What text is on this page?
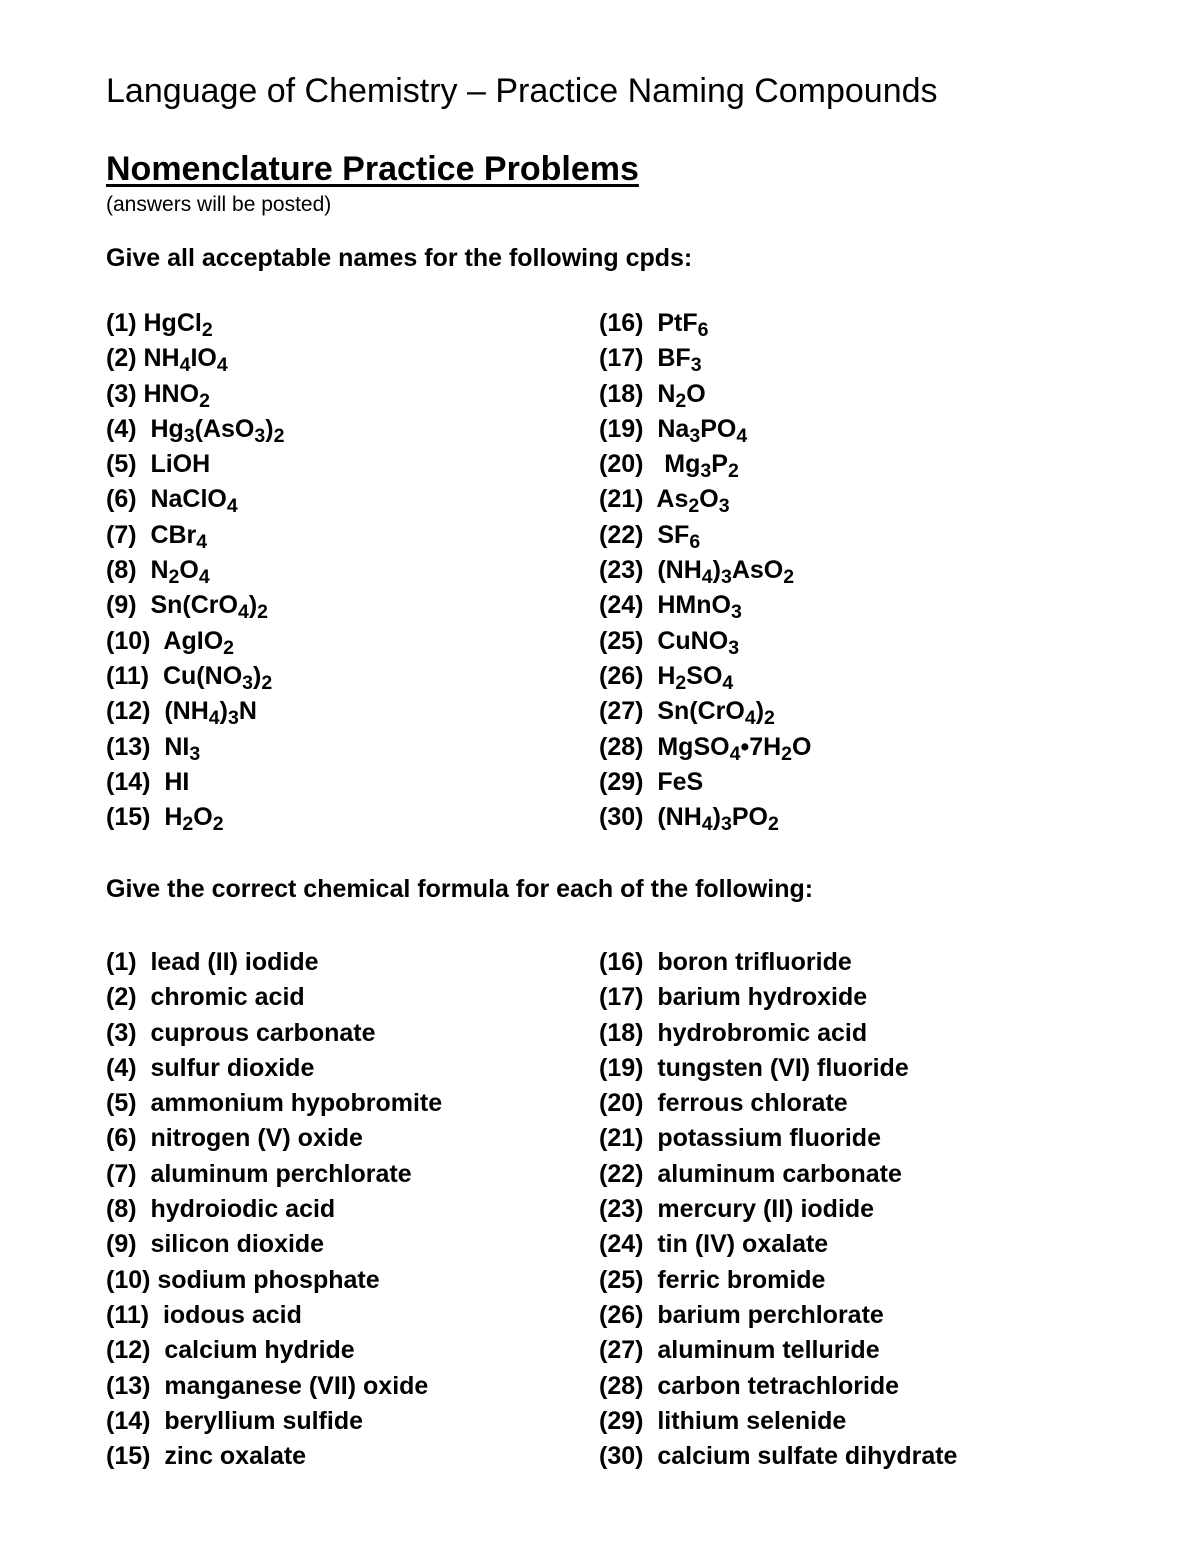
Language of Chemistry – Practice Naming Compounds
Nomenclature Practice Problems
(answers will be posted)
Give all acceptable names for the following cpds:
(1) HgCl$_2$
(2) $NH_4IO_4$
(3) $HNO_2$
(4)  $Hg_3(AsO_3)_2$
(5)  LiOH
(6)  NaClO$_4$
(7)  CBr$_4$
(8)  $N_2O_4$
(9)  $Sn(CrO_4)_2$
(10)  AgIO$_2$
(11)  $Cu(NO_3)_2$
(12)  $(NH_4)_3N$
(13)  $NI_3$
(14)  HI
(15)  $H_2O_2$
(16)  PtF$_6$
(17)  $BF_3$
(18)  $N_2O$
(19)  $Na_3PO_4$
(20)   $Mg_3P_2$
(21)  $As_2O_3$
(22)  $SF_6$
(23)  $(NH_4)_3AsO_2$
(24)  HMnO$_3$
(25)  CuNO$_3$
(26)  $H_2SO_4$
(27)  $Sn(CrO_4)_2$
(28)  $MgSO_4•7H_2O$
(29)  FeS
(30)  $(NH_4)_3PO_2$
Give the correct chemical formula for each of the following:
(1)  lead (II) iodide
(2)  chromic acid
(3)  cuprous carbonate
(4)  sulfur dioxide
(5)  ammonium hypobromite
(6)  nitrogen (V) oxide
(7)  aluminum perchlorate
(8)  hydroiodic acid
(9)  silicon dioxide
(10) sodium phosphate
(11)  iodous acid
(12)  calcium hydride
(13)  manganese (VII) oxide
(14)  beryllium sulfide
(15)  zinc oxalate
(16)  boron trifluoride
(17)  barium hydroxide
(18)  hydrobromic acid
(19)  tungsten (VI) fluoride
(20)  ferrous chlorate
(21)  potassium fluoride
(22)  aluminum carbonate
(23)  mercury (II) iodide
(24)  tin (IV) oxalate
(25)  ferric bromide
(26)  barium perchlorate
(27)  aluminum telluride
(28)  carbon tetrachloride
(29)  lithium selenide
(30)  calcium sulfate dihydrate
